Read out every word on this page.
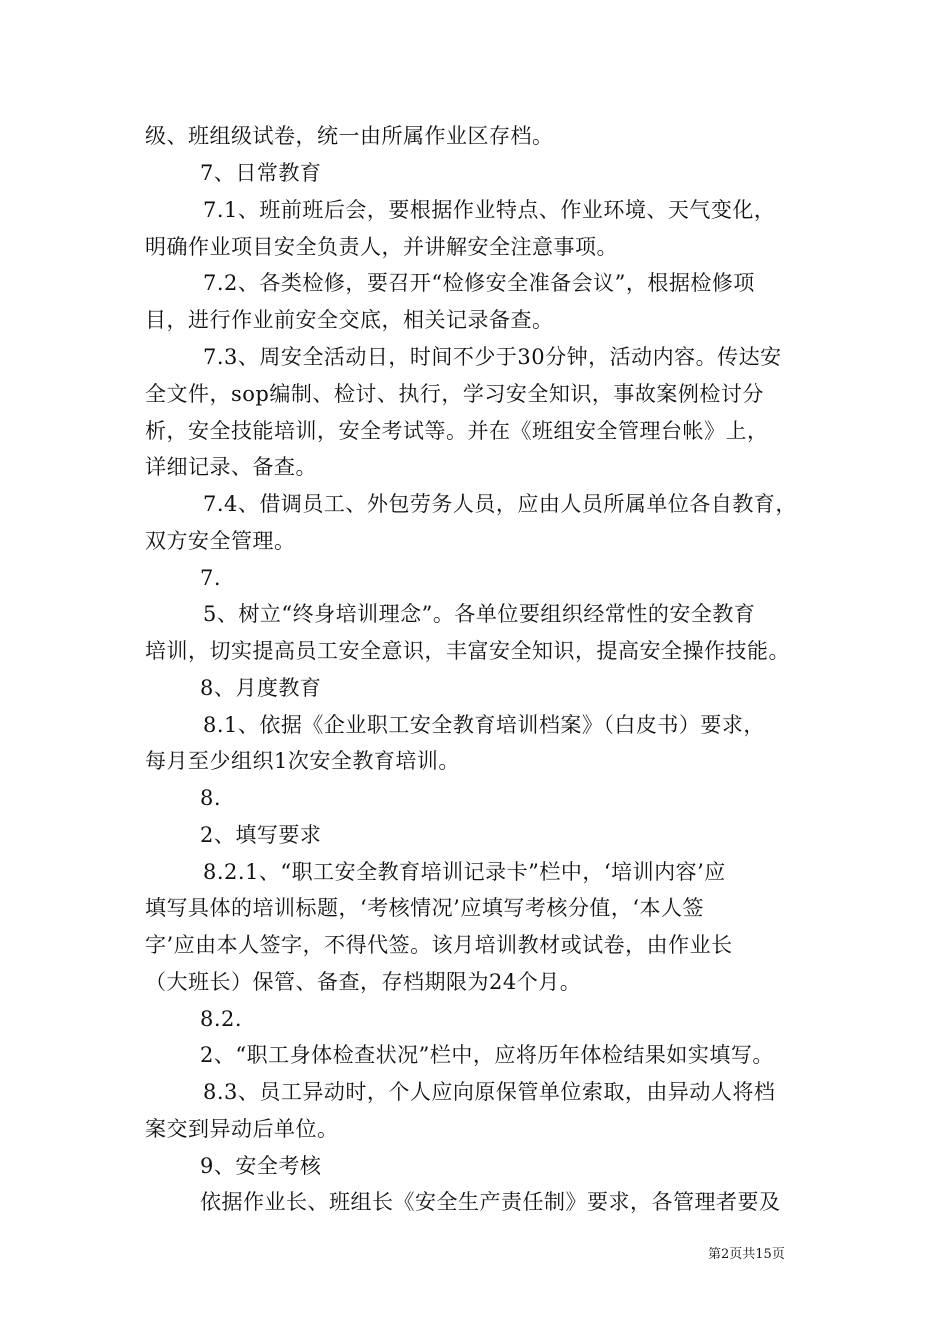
级、班组级试卷，统一由所属作业区存档。
7、日常教育
7.1、班前班后会，要根据作业特点、作业环境、天气变化，
明确作业项目安全负责人，并讲解安全注意事项。
7.2、各类检修，要召开“检修安全准备会议”，根据检修项
目，进行作业前安全交底，相关记录备查。
7.3、周安全活动日，时间不少于30分钟，活动内容。传达安
全文件，sop编制、检讨、执行，学习安全知识，事故案例检讨分
析，安全技能培训，安全考试等。并在《班组安全管理台帐》上，
详细记录、备查。
7.4、借调员工、外包劳务人员，应由人员所属单位各自教育，
双方安全管理。
7.
5、树立“终身培训理念”。各单位要组织经常性的安全教育
培训，切实提高员工安全意识，丰富安全知识，提高安全操作技能。
8、月度教育
8.1、依据《企业职工安全教育培训档案》（白皮书）要求，
每月至少组织1次安全教育培训。
8.
2、填写要求
8.2.1、“职工安全教育培训记录卡”栏中，‘培训内容’应
填写具体的培训标题，‘考核情况’应填写考核分值，‘本人签
字’应由本人签字，不得代签。该月培训教材或试卷，由作业长
（大班长）保管、备查，存档期限为24个月。
8.2.
2、“职工身体检查状况”栏中，应将历年体检结果如实填写。
8.3、员工异动时，个人应向原保管单位索取，由异动人将档
案交到异动后单位。
9、安全考核
依据作业长、班组长《安全生产责任制》要求，各管理者要及
第2页共15页
